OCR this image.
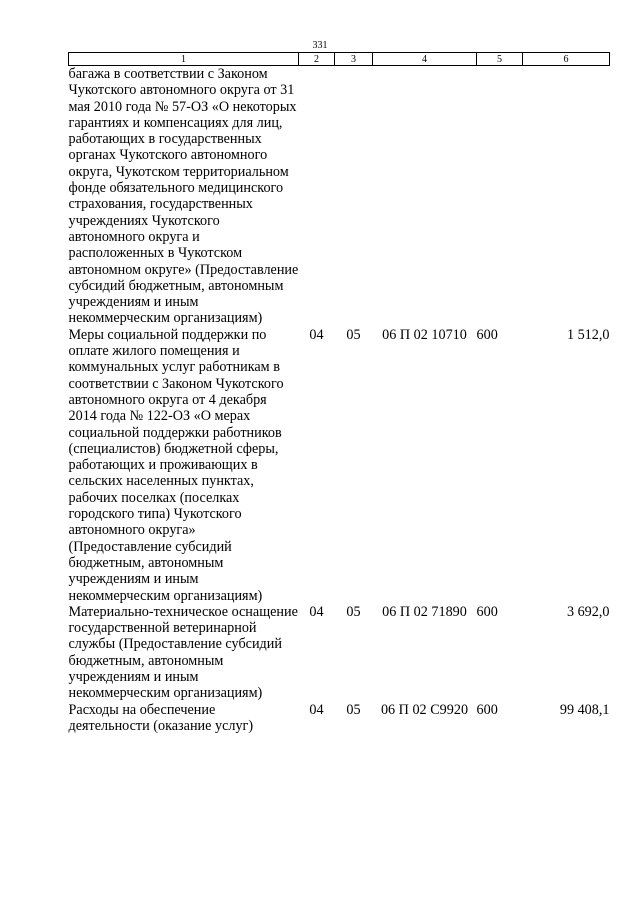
331
1	2	3	4	5	6
багажа в соответствии с Законом Чукотского автономного округа от 31 мая 2010 года № 57-ОЗ «О некоторых гарантиях и компенсациях для лиц, работающих в государственных органах Чукотского автономного округа, Чукотском территориальном фонде обязательного медицинского страхования, государственных учреждениях Чукотского автономного округа и расположенных в Чукотском автономном округе» (Предоставление субсидий бюджетным, автономным учреждениям и иным некоммерческим организациям)					
Меры социальной поддержки по оплате жилого помещения и коммунальных услуг работникам в соответствии с Законом Чукотского автономного округа от 4 декабря 2014 года № 122-ОЗ «О мерах социальной поддержки работников (специалистов) бюджетной сферы, работающих и проживающих в сельских населенных пунктах, рабочих поселках (поселках городского типа) Чукотского автономного округа» (Предоставление субсидий бюджетным, автономным учреждениям и иным некоммерческим организациям)	04	05	06 П 02 10710	600	1 512,0
Материально-техническое оснащение государственной ветеринарной службы (Предоставление субсидий бюджетным, автономным учреждениям и иным некоммерческим организациям)	04	05	06 П 02 71890	600	3 692,0
Расходы на обеспечение деятельности (оказание услуг)	04	05	06 П 02 С9920	600	99 408,1
